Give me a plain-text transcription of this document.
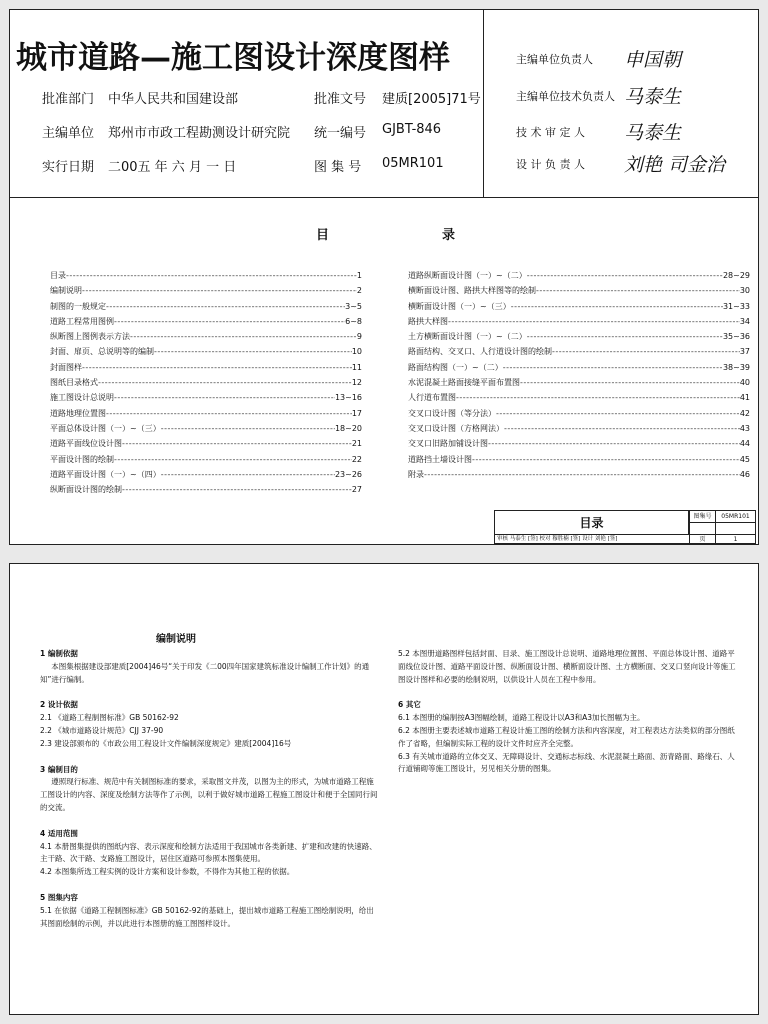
城市道路—施工图设计深度图样
批准部门 中华人民共和国建设部	批准文号 建质[2005]71号
主编单位 郑州市市政工程勘测设计研究院 统一编号 GJBT-846
实行日期 二00五 年 六 月 一 日	图 集 号 05MR101
主编单位负责人 申国朝
主编单位技术负责人 马泰生
技 术 审 定 人 马泰生
设 计 负 责 人 刘艳 司金治
目	录
目录 -----	1
编制说明 -----	2
制图的一般规定 -----	3~5
道路工程常用图例 -----	6~8
纵断图上图例表示方法 -----	9
封面、扉页、总说明等的编制 -----	10
封面图样 -----	11
图纸目录格式 -----	12
施工图设计总说明 -----	13~16
道路地理位置图 -----	17
平面总体设计图（一）~（三） -----	18~20
道路平面线位设计图 -----	21
平面设计图的绘制 -----	22
道路平面设计图（一）~（四） -----	23~26
纵断面设计图的绘制 -----	27
道路纵断面设计图（一）~（二） -----	28~29
横断面设计图、路拱大样图等的绘制 -----	30
横断面设计图（一）~（三） -----	31~33
路拱大样图 -----	34
土方横断面设计图（一）~（二） -----	35~36
路面结构、交叉口、人行道设计图的绘制 -----	37
路面结构图（一）~（二） -----	38~39
水泥混凝土路面接缝平面布置图 -----	40
人行道布置图 -----	41
交叉口设计图（等分法） -----	42
交叉口设计图（方格网法） -----	43
交叉口旧路加铺设计图 -----	44
道路挡土墙设计图 -----	45
附录 -----	46
目录	图集号	05MR101
页	1
审核 马泰生 [签] 校对 穆胜楠 [签] 设计 刘艳 [签]
编制说明
1 编制依据
本图集根据建设部建质[2004]46号“关于印发《二00四年国家建筑标准设计编制工作计划》的通知”进行编制。
2 设计依据
2.1 《道路工程制图标准》GB 50162-92
2.2 《城市道路设计规范》CJJ 37-90
2.3 建设部颁布的《市政公用工程设计文件编制深度规定》建质[2004]16号
3 编制目的
遵照现行标准、规范中有关制图标准的要求，采取图文并茂，以图为主的形式，为城市道路工程施工图设计的内容、深度及绘制方法等作了示例，以利于做好城市道路工程施工图设计和便于全国同行间的交流。
4 适用范围
4.1 本册图集提供的图纸内容、表示深度和绘制方法适用于我国城市各类新建、扩建和改建的快速路、主干路、次干路、支路施工图设计，居住区道路可参照本图集使用。
4.2 本图集所选工程实例的设计方案和设计参数，不得作为其他工程的依据。
5 图集内容
5.1 在依据《道路工程制图标准》GB 50162-92的基础上，提出城市道路工程施工图绘制说明，给出其图面绘制的示例，并以此进行本图册的施工图图样设计。
5.2 本图册道路图样包括封面、目录、施工图设计总说明、道路地理位置图、平面总体设计图、道路平面线位设计图、道路平面设计图、纵断面设计图、横断面设计图、土方横断面、交叉口竖向设计等施工图设计图样和必要的绘制说明，以供设计人员在工程中参用。
6 其它
6.1 本图册的编制按A3图幅绘制，道路工程设计以A3和A3加长图幅为主。
6.2 本图册主要表述城市道路工程设计施工图的绘制方法和内容深度，对工程表达方法类似的部分图纸作了省略，但编制实际工程的设计文件时应齐全完整。
6.3 有关城市道路的立体交叉、无障碍设计、交通标志标线、水泥混凝土路面、沥青路面、路缘石、人行道铺砌等施工图设计，另见相关分册的图集。
